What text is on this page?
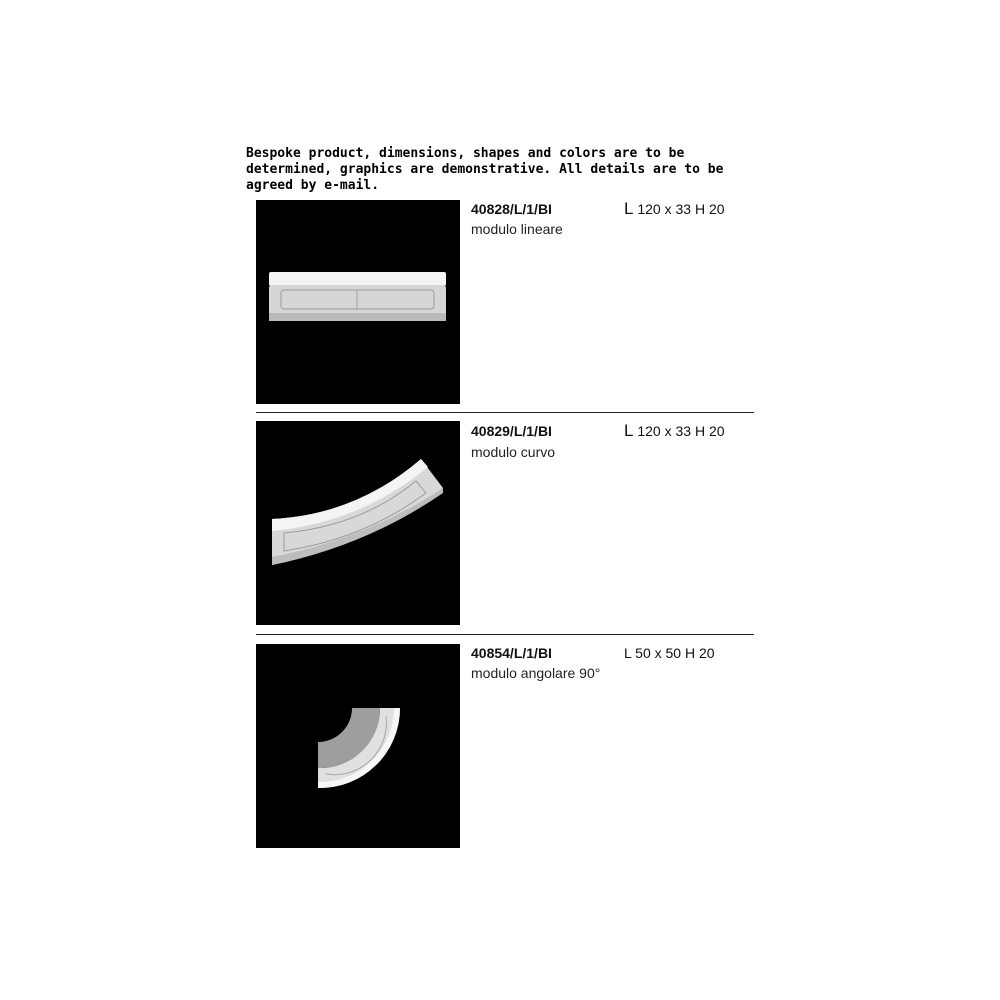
Bespoke product, dimensions, shapes and colors are to be determined, graphics are demonstrative. All details are to be agreed by e-mail.
40828/L/1/BI
modulo lineare
L 120 x 33 H 20
40829/L/1/BI
modulo curvo
L 120 x 33 H 20
40854/L/1/BI
modulo angolare 90°
L 50 x 50 H 20
